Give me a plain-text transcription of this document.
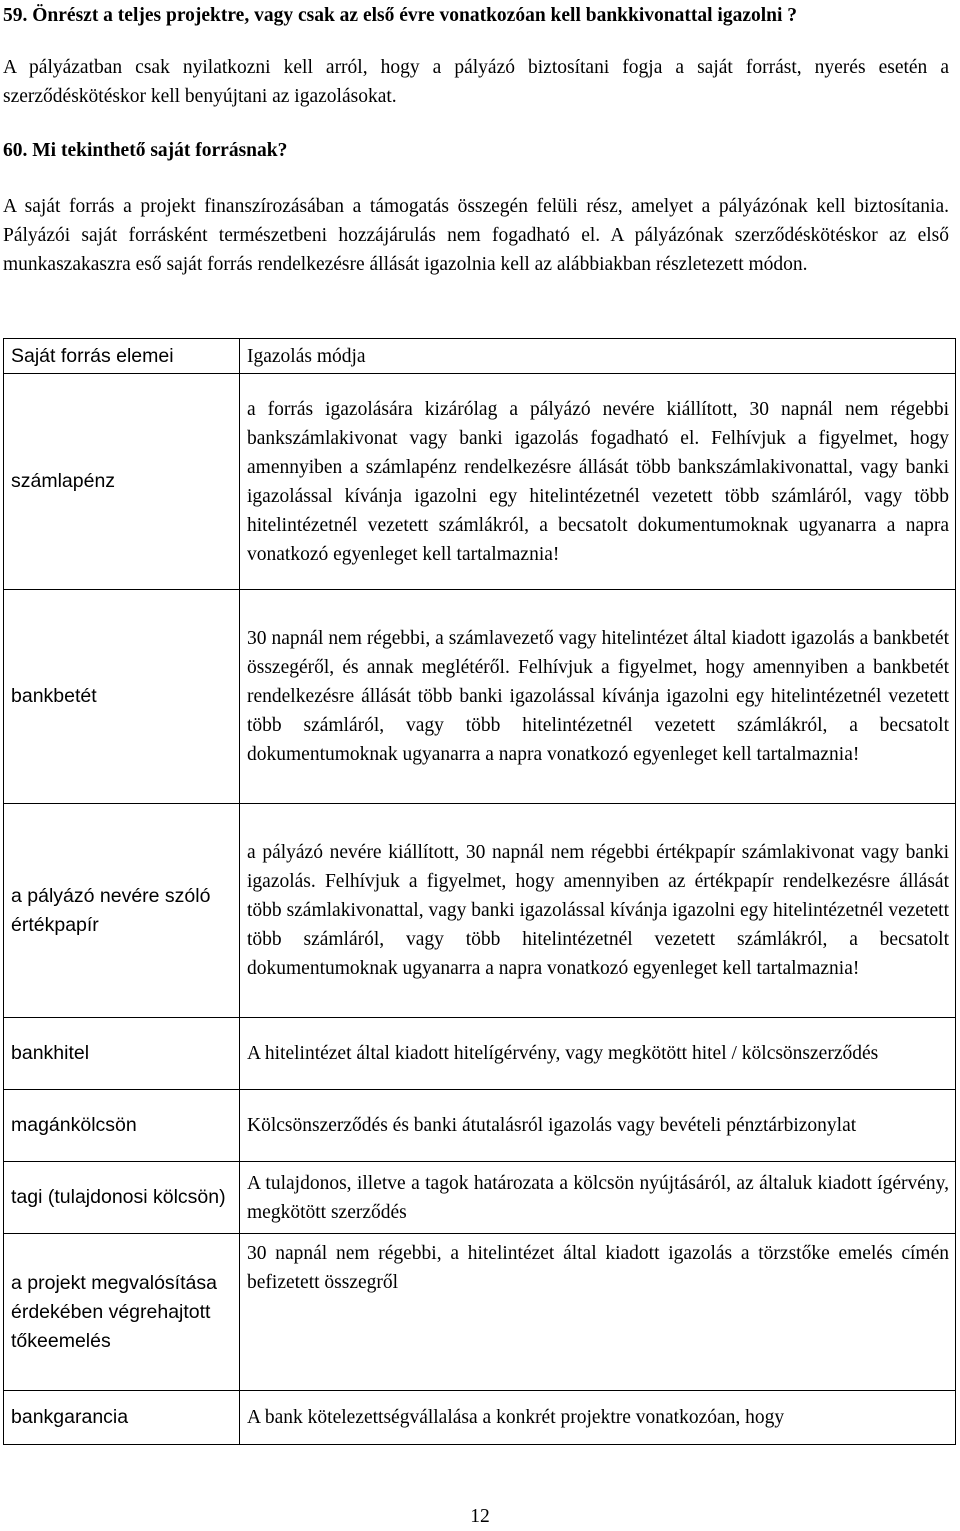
59. Önrészt a teljes projektre, vagy csak az első évre vonatkozóan kell bankkivonattal igazolni ?
A pályázatban csak nyilatkozni kell arról, hogy a pályázó biztosítani fogja a saját forrást, nyerés esetén a szerződéskötéskor kell benyújtani az igazolásokat.
60. Mi tekinthető saját forrásnak?
A saját forrás a projekt finanszírozásában a támogatás összegén felüli rész, amelyet a pályázónak kell biztosítania. Pályázói saját forrásként természetbeni hozzájárulás nem fogadható el. A pályázónak szerződéskötéskor az első munkaszakaszra eső saját forrás rendelkezésre állását igazolnia kell az alábbiakban részletezett módon.
Saját forrás elemei	Igazolás módja
számlapénz	a forrás igazolására kizárólag a pályázó nevére kiállított, 30 napnál nem régebbi bankszámlakivonat vagy banki igazolás fogadható el. Felhívjuk a figyelmet, hogy amennyiben a számlapénz rendelkezésre állását több bankszámlakivonattal, vagy banki igazolással kívánja igazolni egy hitelintézetnél vezetett több számláról, vagy több hitelintézetnél vezetett számlákról, a becsatolt dokumentumoknak ugyanarra a napra vonatkozó egyenleget kell tartalmaznia!
bankbetét	30 napnál nem régebbi, a számlavezető vagy hitelintézet által kiadott igazolás a bankbetét összegéről, és annak meglétéről. Felhívjuk a figyelmet, hogy amennyiben a bankbetét rendelkezésre állását több banki igazolással kívánja igazolni egy hitelintézetnél vezetett több számláról, vagy több hitelintézetnél vezetett számlákról, a becsatolt dokumentumoknak ugyanarra a napra vonatkozó egyenleget kell tartalmaznia!
a pályázó nevére szóló értékpapír	a pályázó nevére kiállított, 30 napnál nem régebbi értékpapír számlakivonat vagy banki igazolás. Felhívjuk a figyelmet, hogy amennyiben az értékpapír rendelkezésre állását több számlakivonattal, vagy banki igazolással kívánja igazolni egy hitelintézetnél vezetett több számláról, vagy több hitelintézetnél vezetett számlákról, a becsatolt dokumentumoknak ugyanarra a napra vonatkozó egyenleget kell tartalmaznia!
bankhitel	A hitelintézet által kiadott hitelígérvény, vagy megkötött hitel / kölcsönszerződés
magánkölcsön	Kölcsönszerződés és banki átutalásról igazolás vagy bevételi pénztárbizonylat
tagi (tulajdonosi kölcsön)	A tulajdonos, illetve a tagok határozata a kölcsön nyújtásáról, az általuk kiadott ígérvény, megkötött szerződés
a projekt megvalósítása érdekében végrehajtott tőkeemelés	30 napnál nem régebbi, a hitelintézet által kiadott igazolás a törzstőke emelés címén befizetett összegről
bankgarancia	A bank kötelezettségvállalása a konkrét projektre vonatkozóan, hogy
12
